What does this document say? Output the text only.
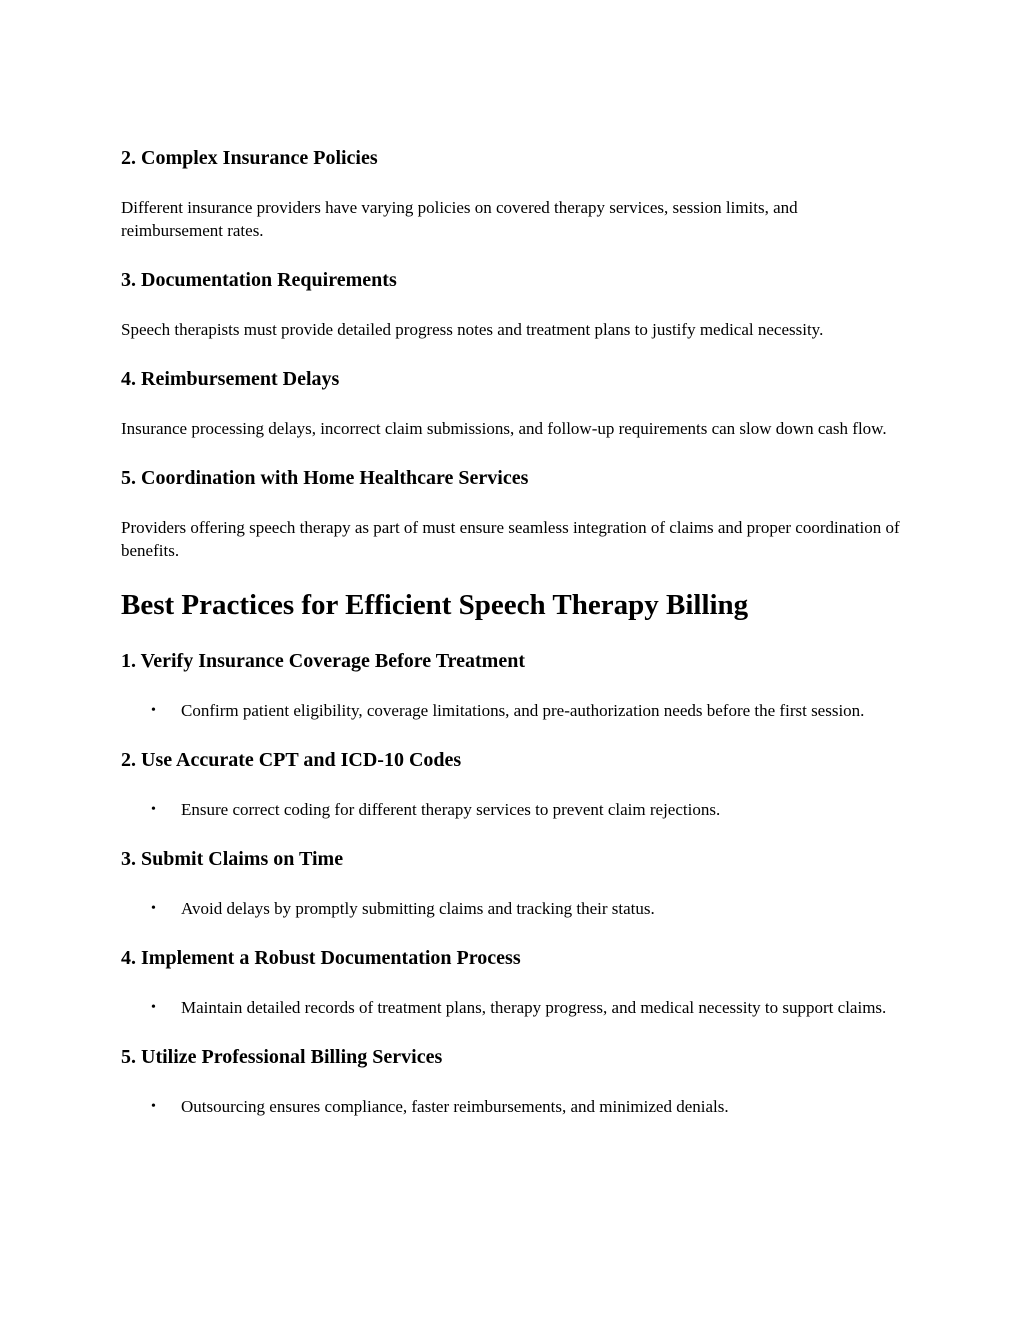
2. Complex Insurance Policies
Different insurance providers have varying policies on covered therapy services, session limits, and reimbursement rates.
3. Documentation Requirements
Speech therapists must provide detailed progress notes and treatment plans to justify medical necessity.
4. Reimbursement Delays
Insurance processing delays, incorrect claim submissions, and follow-up requirements can slow down cash flow.
5. Coordination with Home Healthcare Services
Providers offering speech therapy as part of must ensure seamless integration of claims and proper coordination of benefits.
Best Practices for Efficient Speech Therapy Billing
1. Verify Insurance Coverage Before Treatment
• Confirm patient eligibility, coverage limitations, and pre-authorization needs before the first session.
2. Use Accurate CPT and ICD-10 Codes
• Ensure correct coding for different therapy services to prevent claim rejections.
3. Submit Claims on Time
• Avoid delays by promptly submitting claims and tracking their status.
4. Implement a Robust Documentation Process
• Maintain detailed records of treatment plans, therapy progress, and medical necessity to support claims.
5. Utilize Professional Billing Services
• Outsourcing ensures compliance, faster reimbursements, and minimized denials.
